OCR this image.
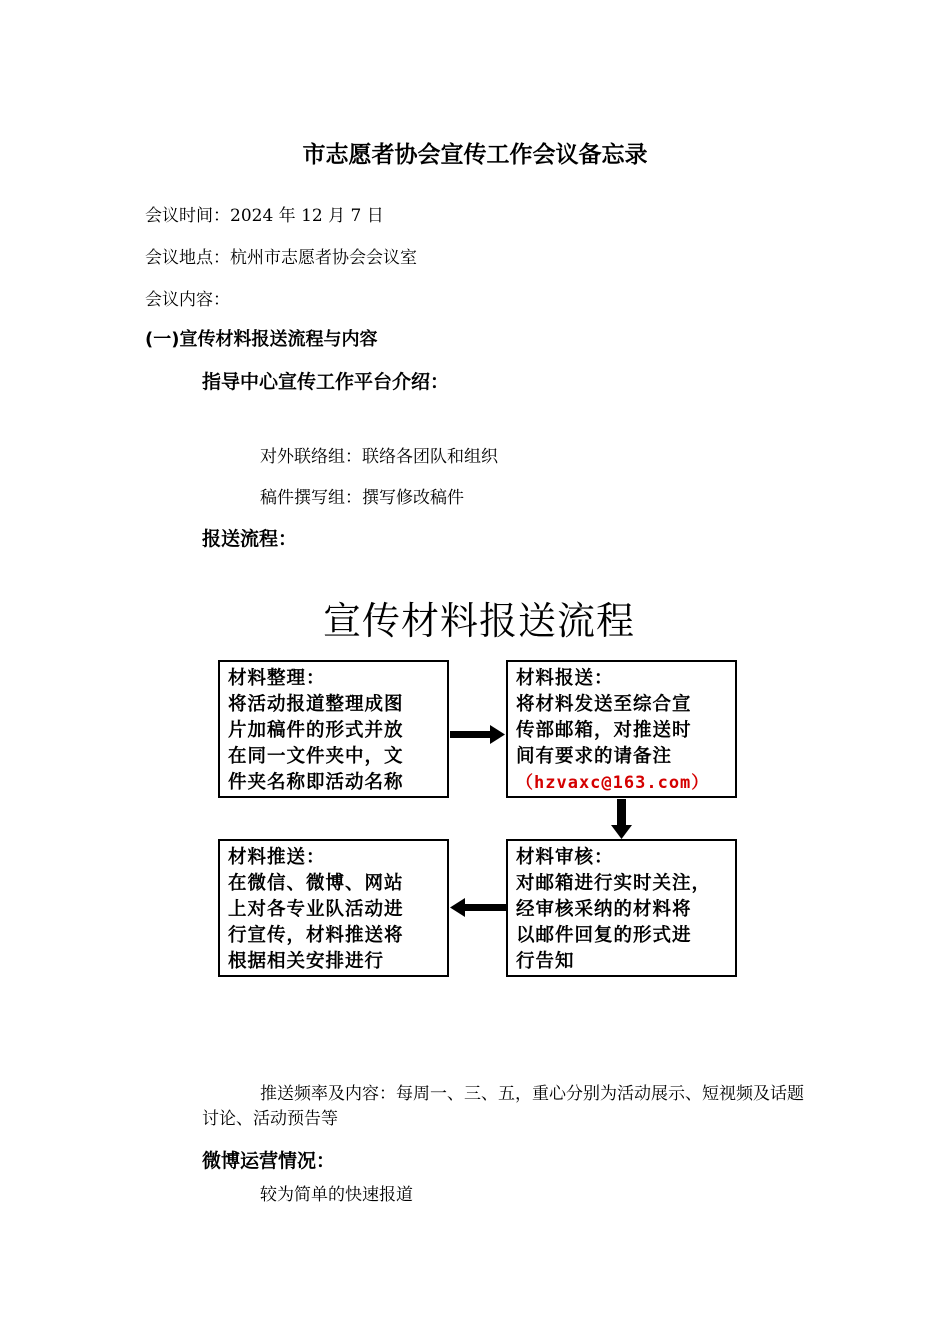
市志愿者协会宣传工作会议备忘录
会议时间：2024 年 12 月 7 日
会议地点：杭州市志愿者协会会议室
会议内容：
(一)宣传材料报送流程与内容
指导中心宣传工作平台介绍：
对外联络组：联络各团队和组织
稿件撰写组：撰写修改稿件
报送流程：
宣传材料报送流程
材料整理：
将活动报道整理成图
片加稿件的形式并放
在同一文件夹中，文
件夹名称即活动名称
材料报送：
将材料发送至综合宣
传部邮箱，对推送时
间有要求的请备注
（hzvaxc@163.com）
材料审核：
对邮箱进行实时关注，
经审核采纳的材料将
以邮件回复的形式进
行告知
材料推送：
在微信、微博、网站
上对各专业队活动进
行宣传，材料推送将
根据相关安排进行
推送频率及内容：每周一、三、五，重心分别为活动展示、短视频及话题讨论、活动预告等
微博运营情况：
较为简单的快速报道
